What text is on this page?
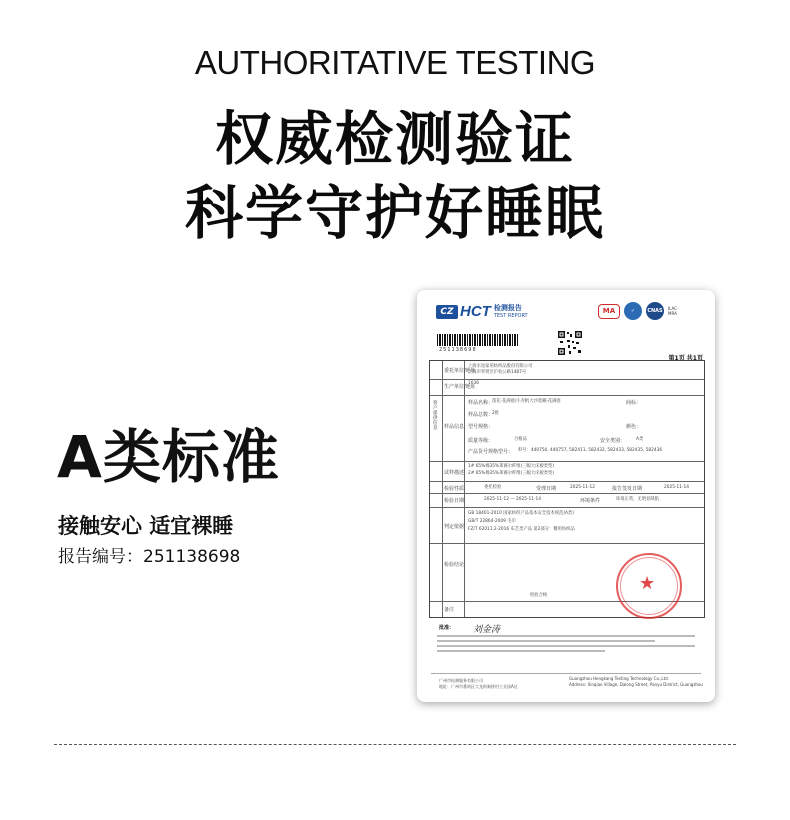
AUTHORITATIVE TESTING
权威检测验证
科学守护好睡眠
A类标准
接触安心 适宜裸睡
报告编号：251138698
CZ HCT 检测报告
TEST REPORT
MA	✓	CNAS	ILAC-MRA
251138698
第1页 共1页
委托单位/地址
上海水星家用纺织品股份有限公司
上海市奉贤区沪杭公路1487号
生产单位/地址
1036
样品信息
样品名称：
蓬花·花满庭/小赤帆大沙莫蛾·花满庭	商标：
样品总数：
2批
型号规格：	颜色：
质量等级：	合格品	安全类别：	A类
产品货号规格型号： 料号：440750, 440757, 582411, 582432, 582433, 582435, 582436
试样描述
1# 65%棉35%莱赛尔纤维(三幅大床板类型)
2# 65%棉35%莱赛尔纤维(三幅大床板类型)
检验性质	委托检验	受理日期	2025-11-12	报告签发日期	2025-11-14
检验日期	2025-11-12 — 2025-11-14	环境条件	环境正常，无明显缺陷
判定依据
GB 18401-2010 国家纺织产品基本安全技术规范(A类)
GB/T 22864-2009 毛巾
FZ/T 62011.2-2016 布艺类产品 第2部分：餐用纺织品
检验结论
检验合格
备注
客户提供信息
★
批准： 刘金涛
广州市检测服务有限公司
地址：广州市番禺区大龙街新桥村工业园A区
Guangzhou Hengkang Testing Technology Co.,Ltd.
Address: Xinqiao Village, Dalong Street, Panyu District, Guangzhou
